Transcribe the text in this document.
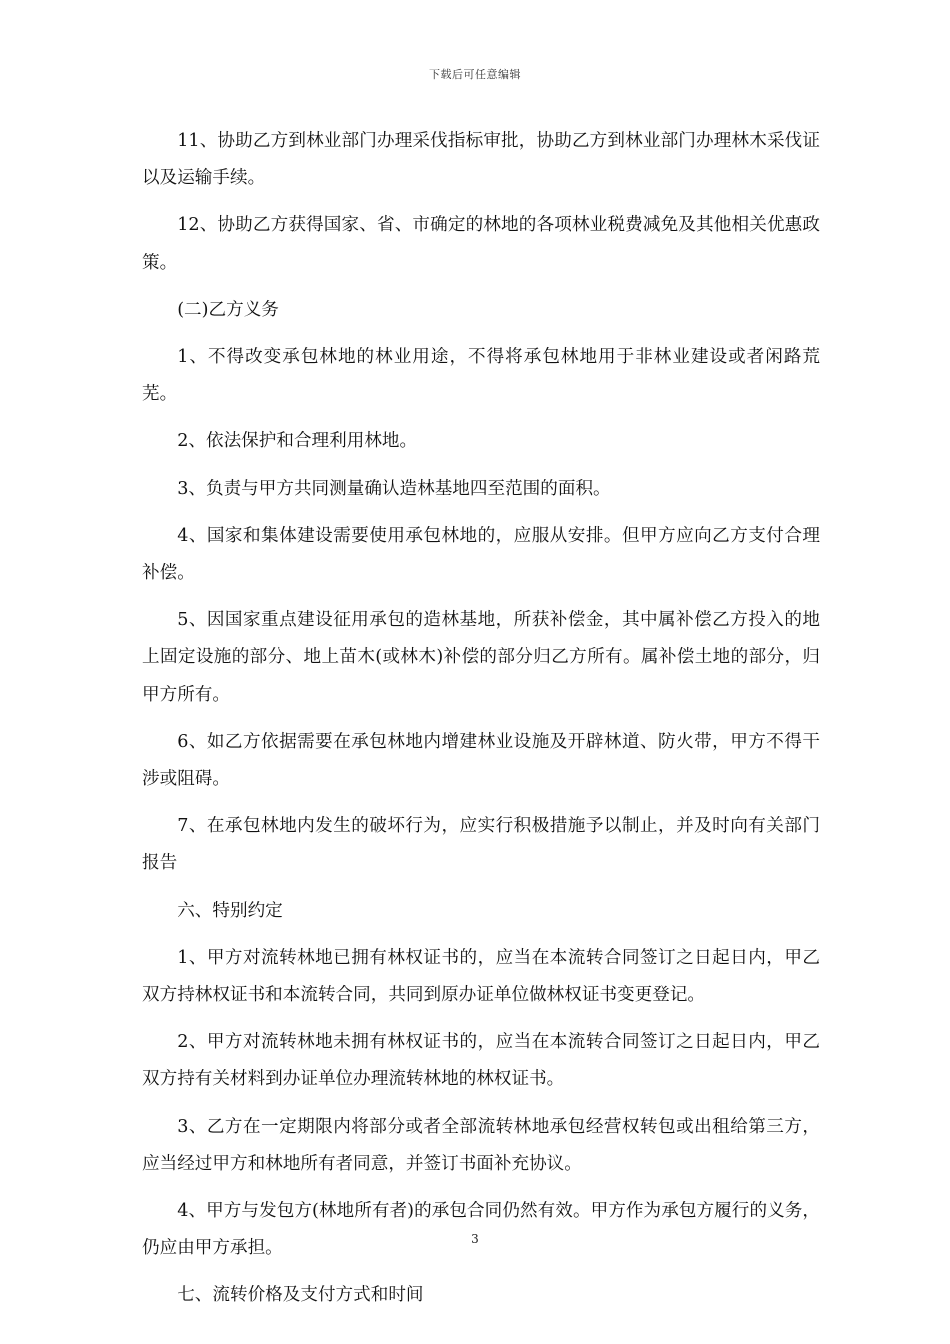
下载后可任意编辑

11、协助乙方到林业部门办理采伐指标审批，协助乙方到林业部门办理林木采伐证以及运输手续。

12、协助乙方获得国家、省、市确定的林地的各项林业税费减免及其他相关优惠政策。

(二)乙方义务

1、不得改变承包林地的林业用途，不得将承包林地用于非林业建设或者闲路荒芜。

2、依法保护和合理利用林地。

3、负责与甲方共同测量确认造林基地四至范围的面积。

4、国家和集体建设需要使用承包林地的，应服从安排。但甲方应向乙方支付合理补偿。

5、因国家重点建设征用承包的造林基地，所获补偿金，其中属补偿乙方投入的地上固定设施的部分、地上苗木(或林木)补偿的部分归乙方所有。属补偿土地的部分，归甲方所有。

6、如乙方依据需要在承包林地内增建林业设施及开辟林道、防火带，甲方不得干涉或阻碍。

7、在承包林地内发生的破坏行为，应实行积极措施予以制止，并及时向有关部门报告

六、特别约定

1、甲方对流转林地已拥有林权证书的，应当在本流转合同签订之日起日内，甲乙双方持林权证书和本流转合同，共同到原办证单位做林权证书变更登记。

2、甲方对流转林地未拥有林权证书的，应当在本流转合同签订之日起日内，甲乙双方持有关材料到办证单位办理流转林地的林权证书。

3、乙方在一定期限内将部分或者全部流转林地承包经营权转包或出租给第三方，应当经过甲方和林地所有者同意，并签订书面补充协议。

4、甲方与发包方(林地所有者)的承包合同仍然有效。甲方作为承包方履行的义务，仍应由甲方承担。

七、流转价格及支付方式和时间

3
